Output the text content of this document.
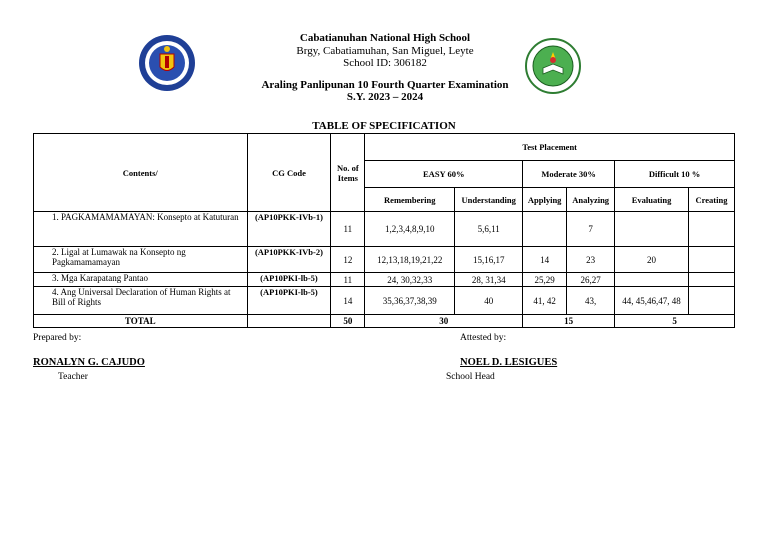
Cabatianuhan National High School
Brgy, Cabatiamuhan, San Miguel, Leyte
School ID: 306182
Araling Panlipunan 10 Fourth Quarter Examination
S.Y. 2023 – 2024
TABLE OF SPECIFICATION
Contents/	CG Code	No. of Items	Test Placement					
			EASY 60%		Moderate 30%		Difficult 10 %	
			Remembering	Understanding	Applying	Analyzing	Evaluating	Creating
1. PAGKAMAMAMAYAN: Konsepto at Katuturan	(AP10PKK-IVb-1)	11	1,2,3,4,8,9,10	5,6,11		7		
2. Ligal at Lumawak na Konsepto ng Pagkamamamayan	(AP10PKK-IVb-2)	12	12,13,18,19,21,22	15,16,17	14	23	20	
3. Mga Karapatang Pantao	(AP10PKI-lb-5)	11	24, 30,32,33	28, 31,34	25,29	26,27		
4. Ang Universal Declaration of Human Rights at Bill of Rights	(AP10PKI-lb-5)	14	35,36,37,38,39	40	41, 42	43,	44, 45,46,47, 48	
TOTAL		50	30		15		5	
Prepared by:	Attested by:
RONALYN G. CAJUDO
Teacher
NOEL D. LESIGUES
School Head
